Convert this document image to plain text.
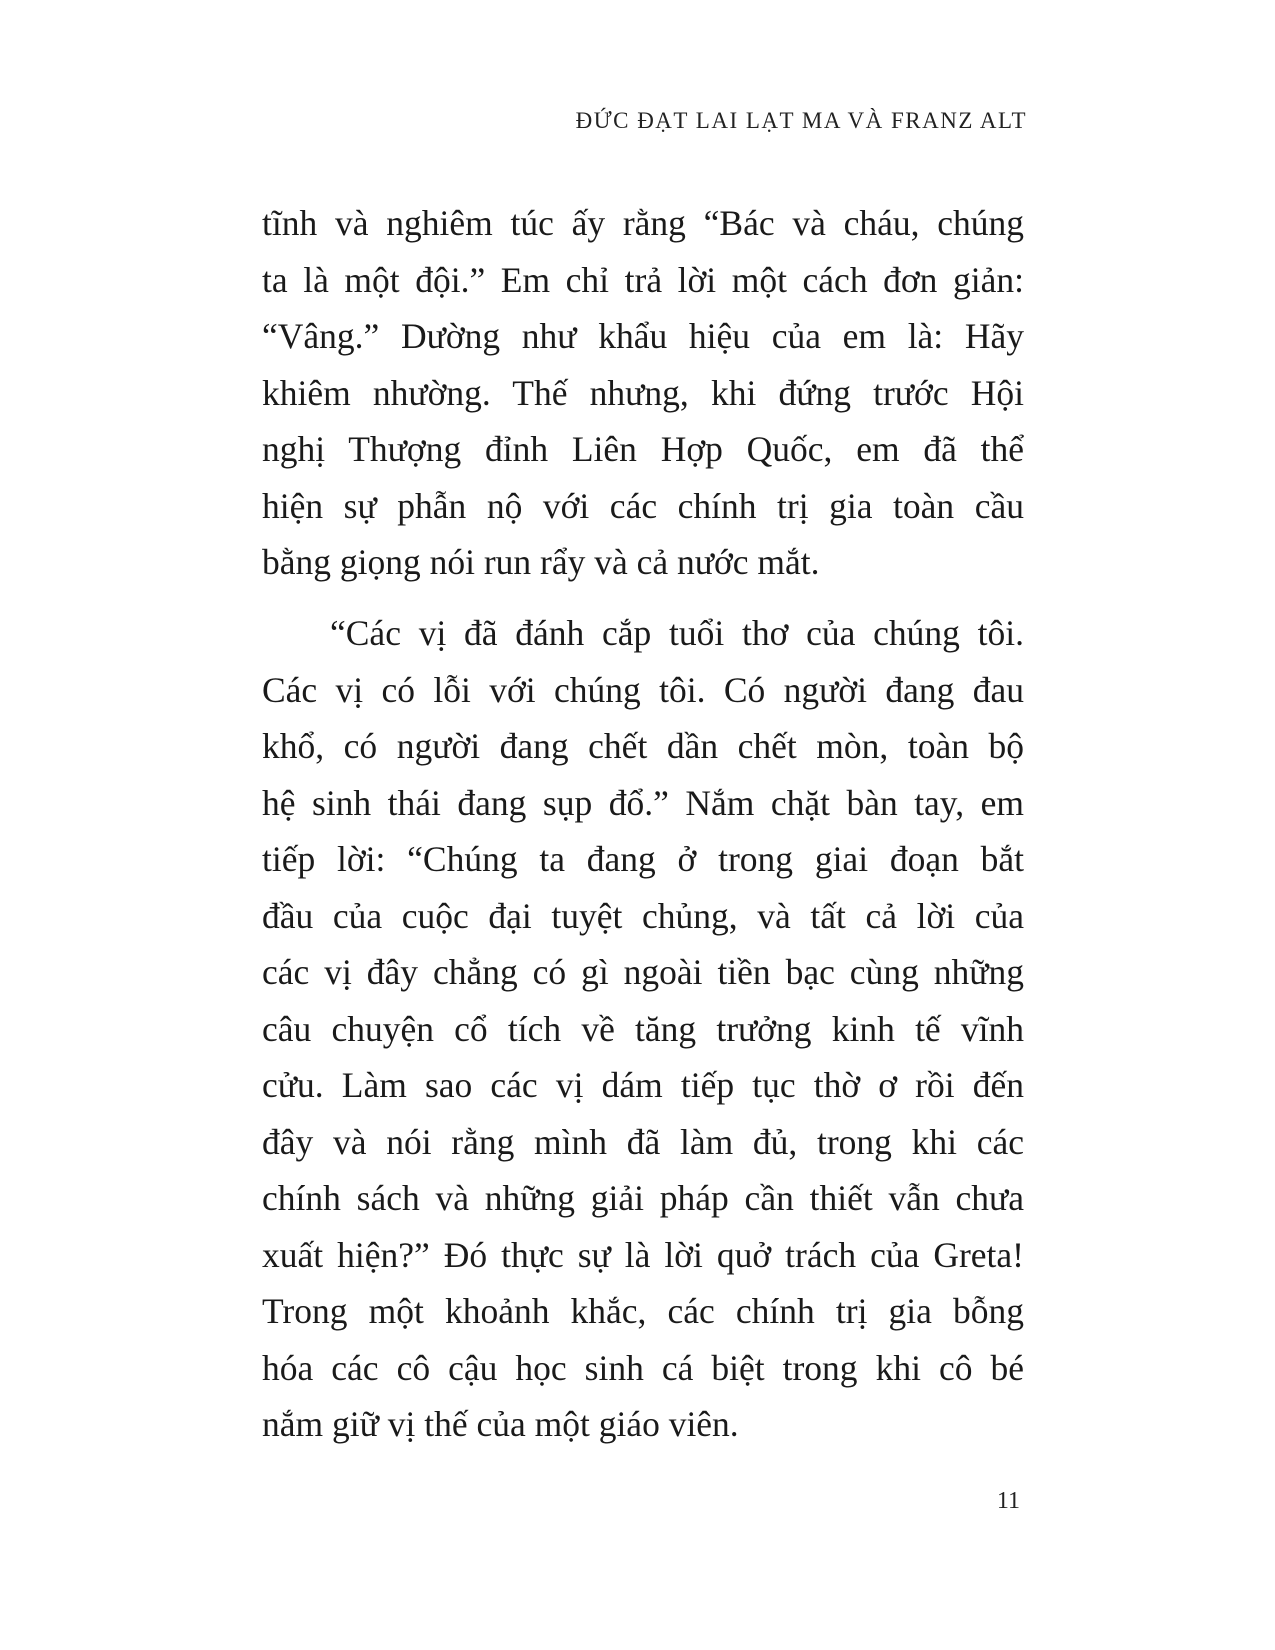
ĐỨC ĐẠT LAI LẠT MA VÀ FRANZ ALT
tĩnh và nghiêm túc ấy rằng “Bác và cháu, chúng
ta là một đội.” Em chỉ trả lời một cách đơn giản:
“Vâng.” Dường như khẩu hiệu của em là: Hãy
khiêm nhường. Thế nhưng, khi đứng trước Hội
nghị Thượng đỉnh Liên Hợp Quốc, em đã thể
hiện sự phẫn nộ với các chính trị gia toàn cầu
bằng giọng nói run rẩy và cả nước mắt.
“Các vị đã đánh cắp tuổi thơ của chúng tôi.
Các vị có lỗi với chúng tôi. Có người đang đau
khổ, có người đang chết dần chết mòn, toàn bộ
hệ sinh thái đang sụp đổ.” Nắm chặt bàn tay, em
tiếp lời: “Chúng ta đang ở trong giai đoạn bắt
đầu của cuộc đại tuyệt chủng, và tất cả lời của
các vị đây chẳng có gì ngoài tiền bạc cùng những
câu chuyện cổ tích về tăng trưởng kinh tế vĩnh
cửu. Làm sao các vị dám tiếp tục thờ ơ rồi đến
đây và nói rằng mình đã làm đủ, trong khi các
chính sách và những giải pháp cần thiết vẫn chưa
xuất hiện?” Đó thực sự là lời quở trách của Greta!
Trong một khoảnh khắc, các chính trị gia bỗng
hóa các cô cậu học sinh cá biệt trong khi cô bé
nắm giữ vị thế của một giáo viên.
11
